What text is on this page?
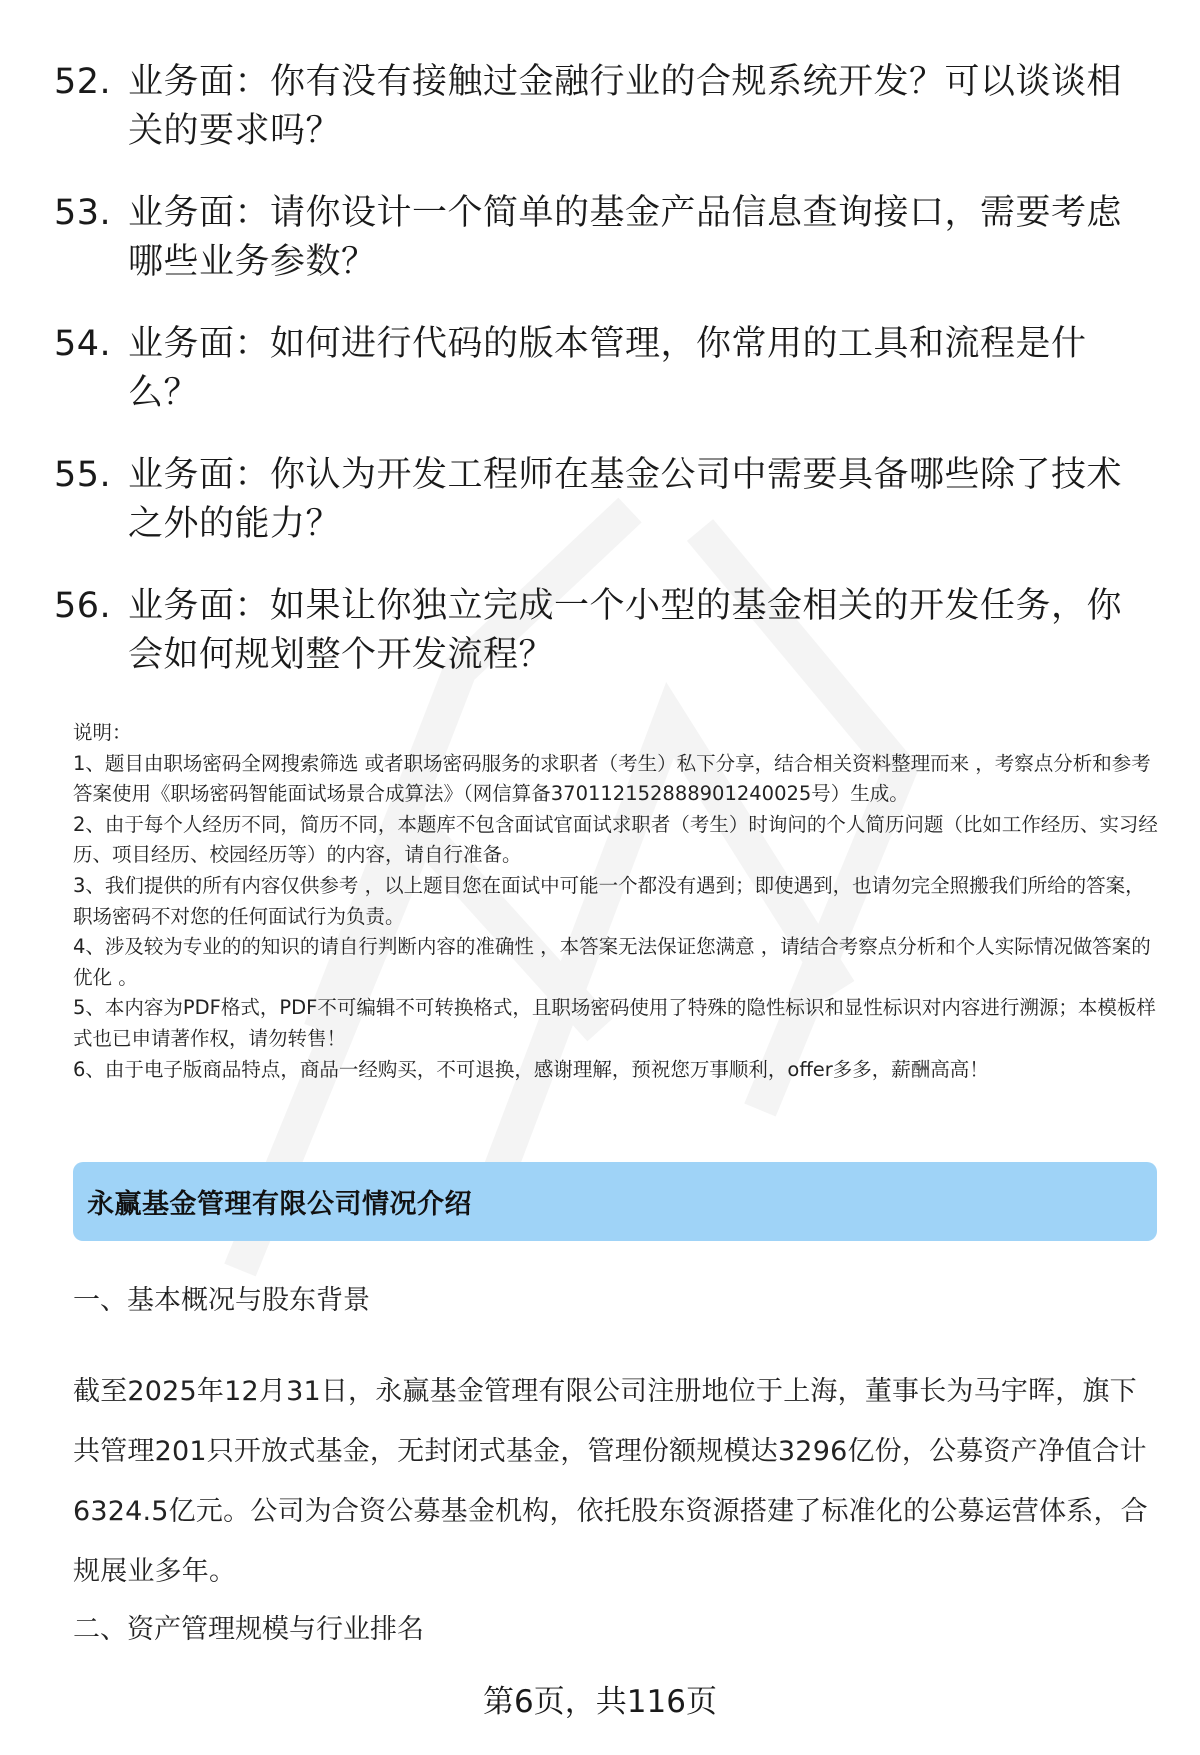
52. 业务面：你有没有接触过金融行业的合规系统开发？可以谈谈相关的要求吗？
53. 业务面：请你设计一个简单的基金产品信息查询接口，需要考虑哪些业务参数？
54. 业务面：如何进行代码的版本管理，你常用的工具和流程是什么？
55. 业务面：你认为开发工程师在基金公司中需要具备哪些除了技术之外的能力？
56. 业务面：如果让你独立完成一个小型的基金相关的开发任务，你会如何规划整个开发流程？

说明：

1、题目由职场密码全网搜索筛选 或者职场密码服务的求职者（考生）私下分享，结合相关资料整理而来 ，考察点分析和参考答案使用《职场密码智能面试场景合成算法》（网信算备370112152888901240025号）生成。

2、由于每个人经历不同，简历不同，本题库不包含面试官面试求职者（考生）时询问的个人简历问题（比如工作经历、实习经历、项目经历、校园经历等）的内容，请自行准备。

3、我们提供的所有内容仅供参考 ，以上题目您在面试中可能一个都没有遇到；即使遇到，也请勿完全照搬我们所给的答案，职场密码不对您的任何面试行为负责。

4、涉及较为专业的的知识的请自行判断内容的准确性 ，本答案无法保证您满意 ，请结合考察点分析和个人实际情况做答案的优化 。

5、本内容为PDF格式，PDF不可编辑不可转换格式，且职场密码使用了特殊的隐性标识和显性标识对内容进行溯源；本模板样式也已申请著作权，请勿转售！

6、由于电子版商品特点，商品一经购买，不可退换，感谢理解，预祝您万事顺利，offer多多，薪酬高高！

永赢基金管理有限公司情况介绍
一、基本概况与股东背景

截至2025年12月31日，永赢基金管理有限公司注册地位于上海，董事长为马宇晖，旗下共管理201只开放式基金，无封闭式基金，管理份额规模达3296亿份，公募资产净值合计6324.5亿元。公司为合资公募基金机构，依托股东资源搭建了标准化的公募运营体系，合规展业多年。

二、资产管理规模与行业排名
第6页，共116页
